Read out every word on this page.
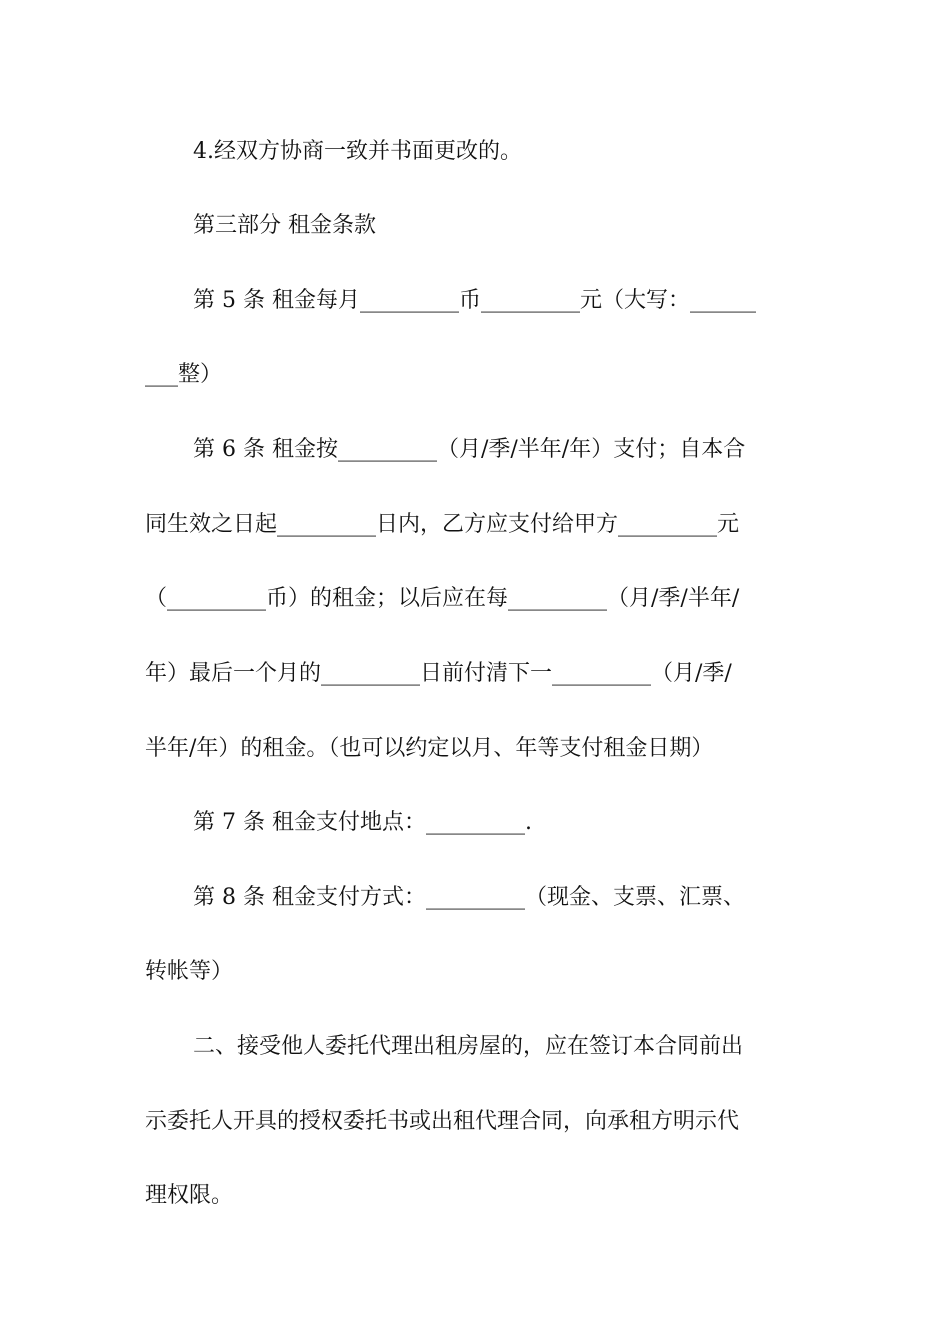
4.经双方协商一致并书面更改的。
第三部分 租金条款
第 5 条 租金每月_________币_________元（大写：______
___整）
第 6 条 租金按_________（月/季/半年/年）支付；自本合
同生效之日起_________日内，乙方应支付给甲方_________元
（_________币）的租金；以后应在每_________（月/季/半年/
年）最后一个月的_________日前付清下一_________（月/季/
半年/年）的租金。（也可以约定以月、年等支付租金日期）
第 7 条 租金支付地点：_________.
第 8 条 租金支付方式：_________（现金、支票、汇票、
转帐等）
二、接受他人委托代理出租房屋的，应在签订本合同前出
示委托人开具的授权委托书或出租代理合同，向承租方明示代
理权限。
